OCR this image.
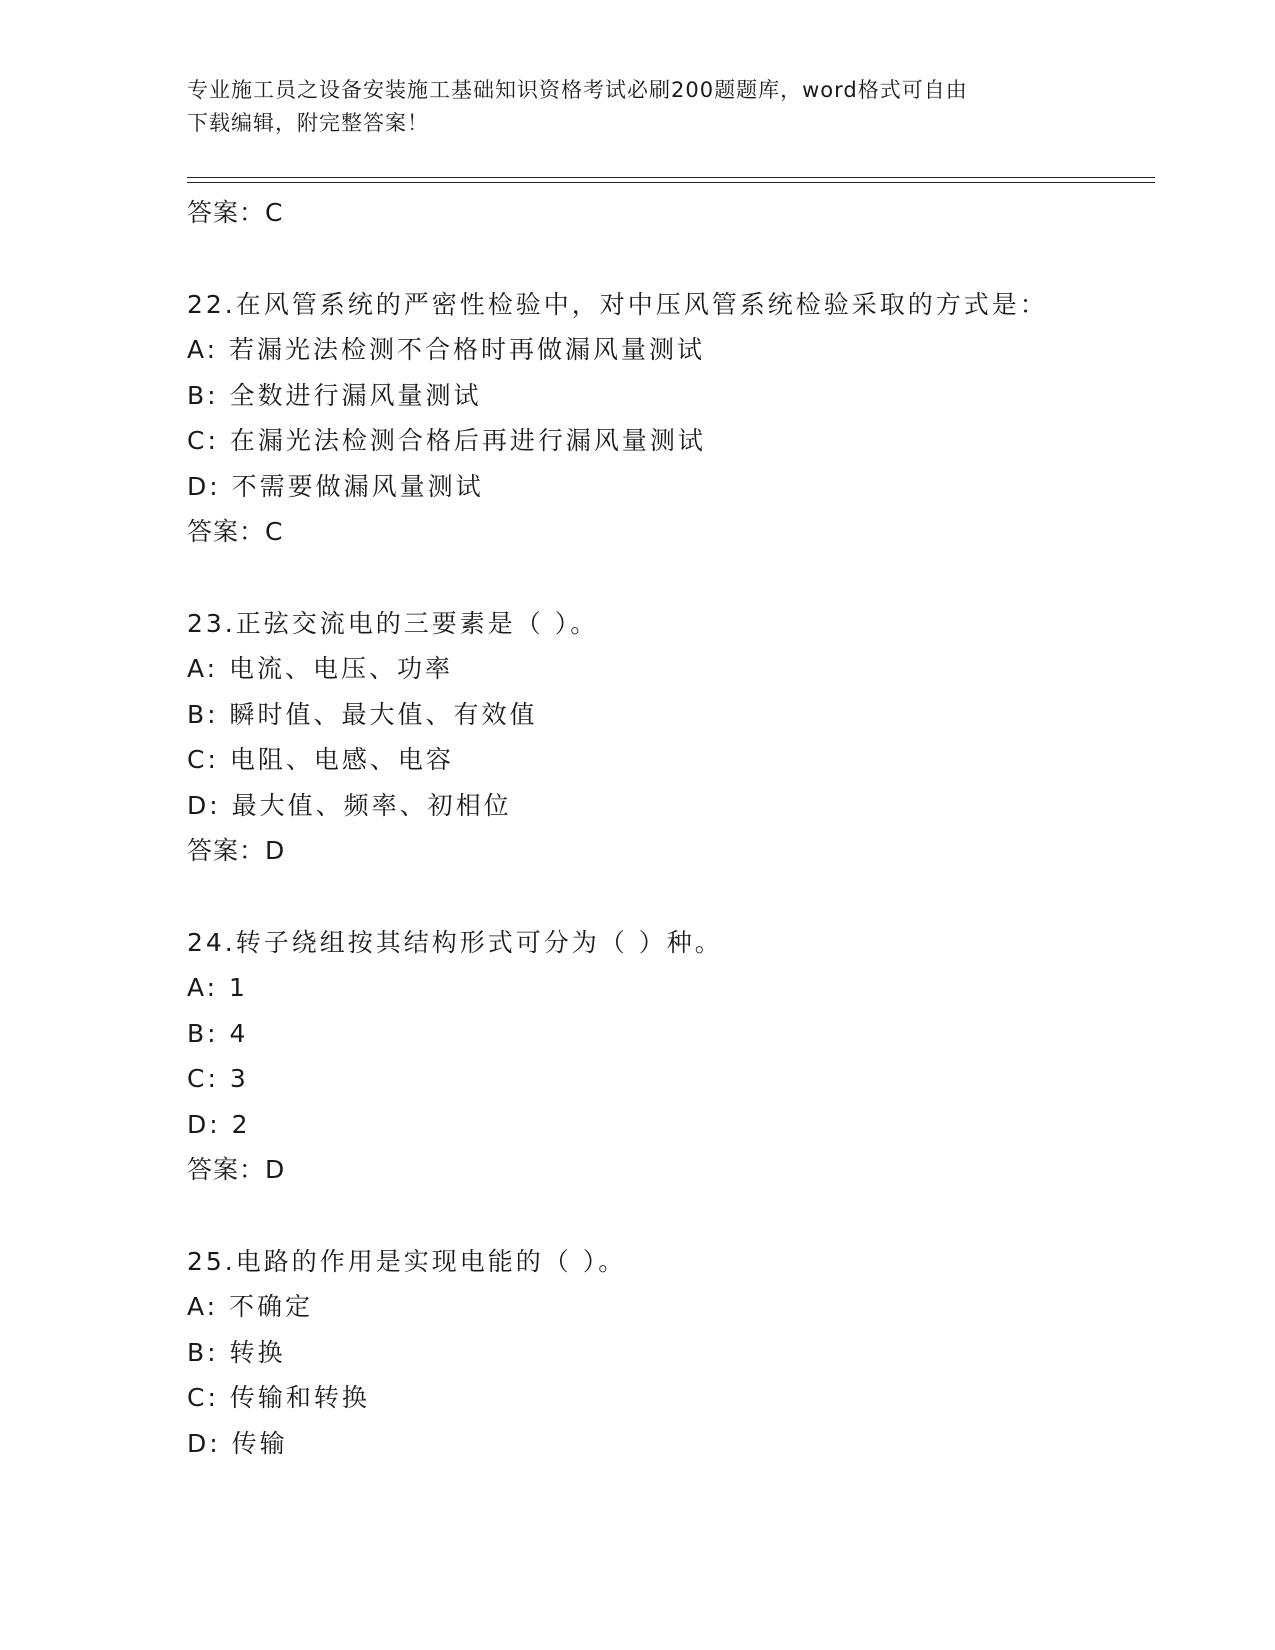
专业施工员之设备安装施工基础知识资格考试必刷200题题库，word格式可自由
下载编辑，附完整答案！
答案：C
22.在风管系统的严密性检验中，对中压风管系统检验采取的方式是：
A: 若漏光法检测不合格时再做漏风量测试
B: 全数进行漏风量测试
C: 在漏光法检测合格后再进行漏风量测试
D: 不需要做漏风量测试
答案：C
23.正弦交流电的三要素是（ ）。
A: 电流、电压、功率
B: 瞬时值、最大值、有效值
C: 电阻、电感、电容
D: 最大值、频率、初相位
答案：D
24.转子绕组按其结构形式可分为（ ）种。
A: 1
B: 4
C: 3
D: 2
答案：D
25.电路的作用是实现电能的（ ）。
A: 不确定
B: 转换
C: 传输和转换
D: 传输
